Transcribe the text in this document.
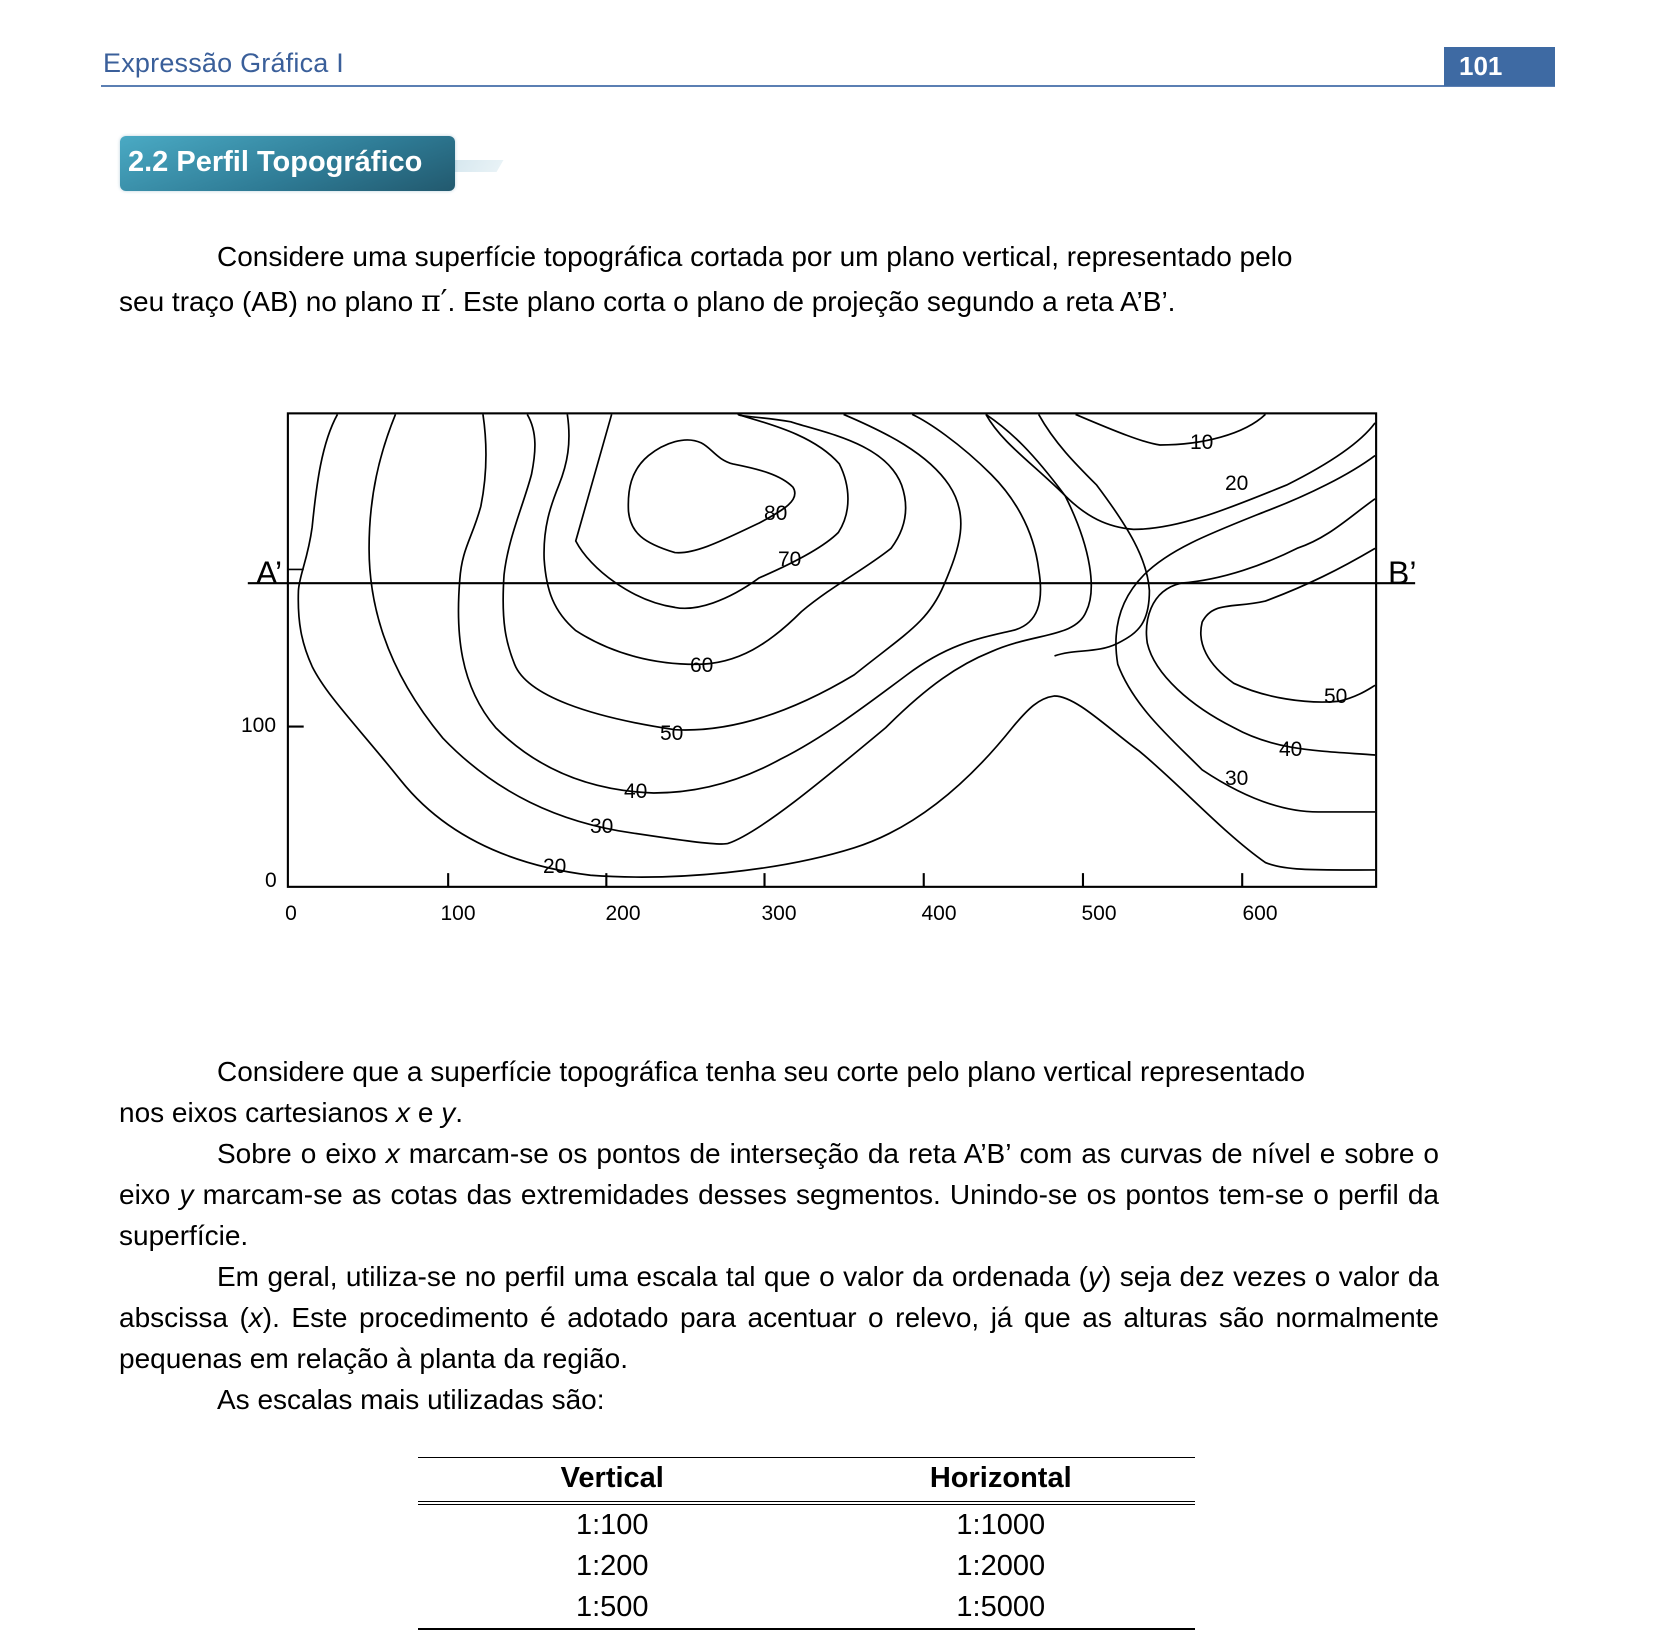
Expressão Gráfica I	101
2.2 Perfil Topográfico
Considere uma superfície topográfica cortada por um plano vertical, representado pelo
seu traço (AB) no plano π′. Este plano corta o plano de projeção segundo a reta A’B’.
10
20
20
30
30
40
40
50
50
60
70
80
A’	B’
100
0
0	100	200	300	400	500	600
Considere que a superfície topográfica tenha seu corte pelo plano vertical representado
nos eixos cartesianos x e y.
Sobre o eixo x marcam-se os pontos de interseção da reta A’B’ com as curvas de nível e sobre o eixo y marcam-se as cotas das extremidades desses segmentos. Unindo-se os pontos tem-se o perfil da superfície.
Em geral, utiliza-se no perfil uma escala tal que o valor da ordenada (y) seja dez vezes o valor da abscissa (x). Este procedimento é adotado para acentuar o relevo, já que as alturas são normalmente pequenas em relação à planta da região.
As escalas mais utilizadas são:
Vertical	Horizontal
1:100	1:1000
1:200	1:2000
1:500	1:5000
